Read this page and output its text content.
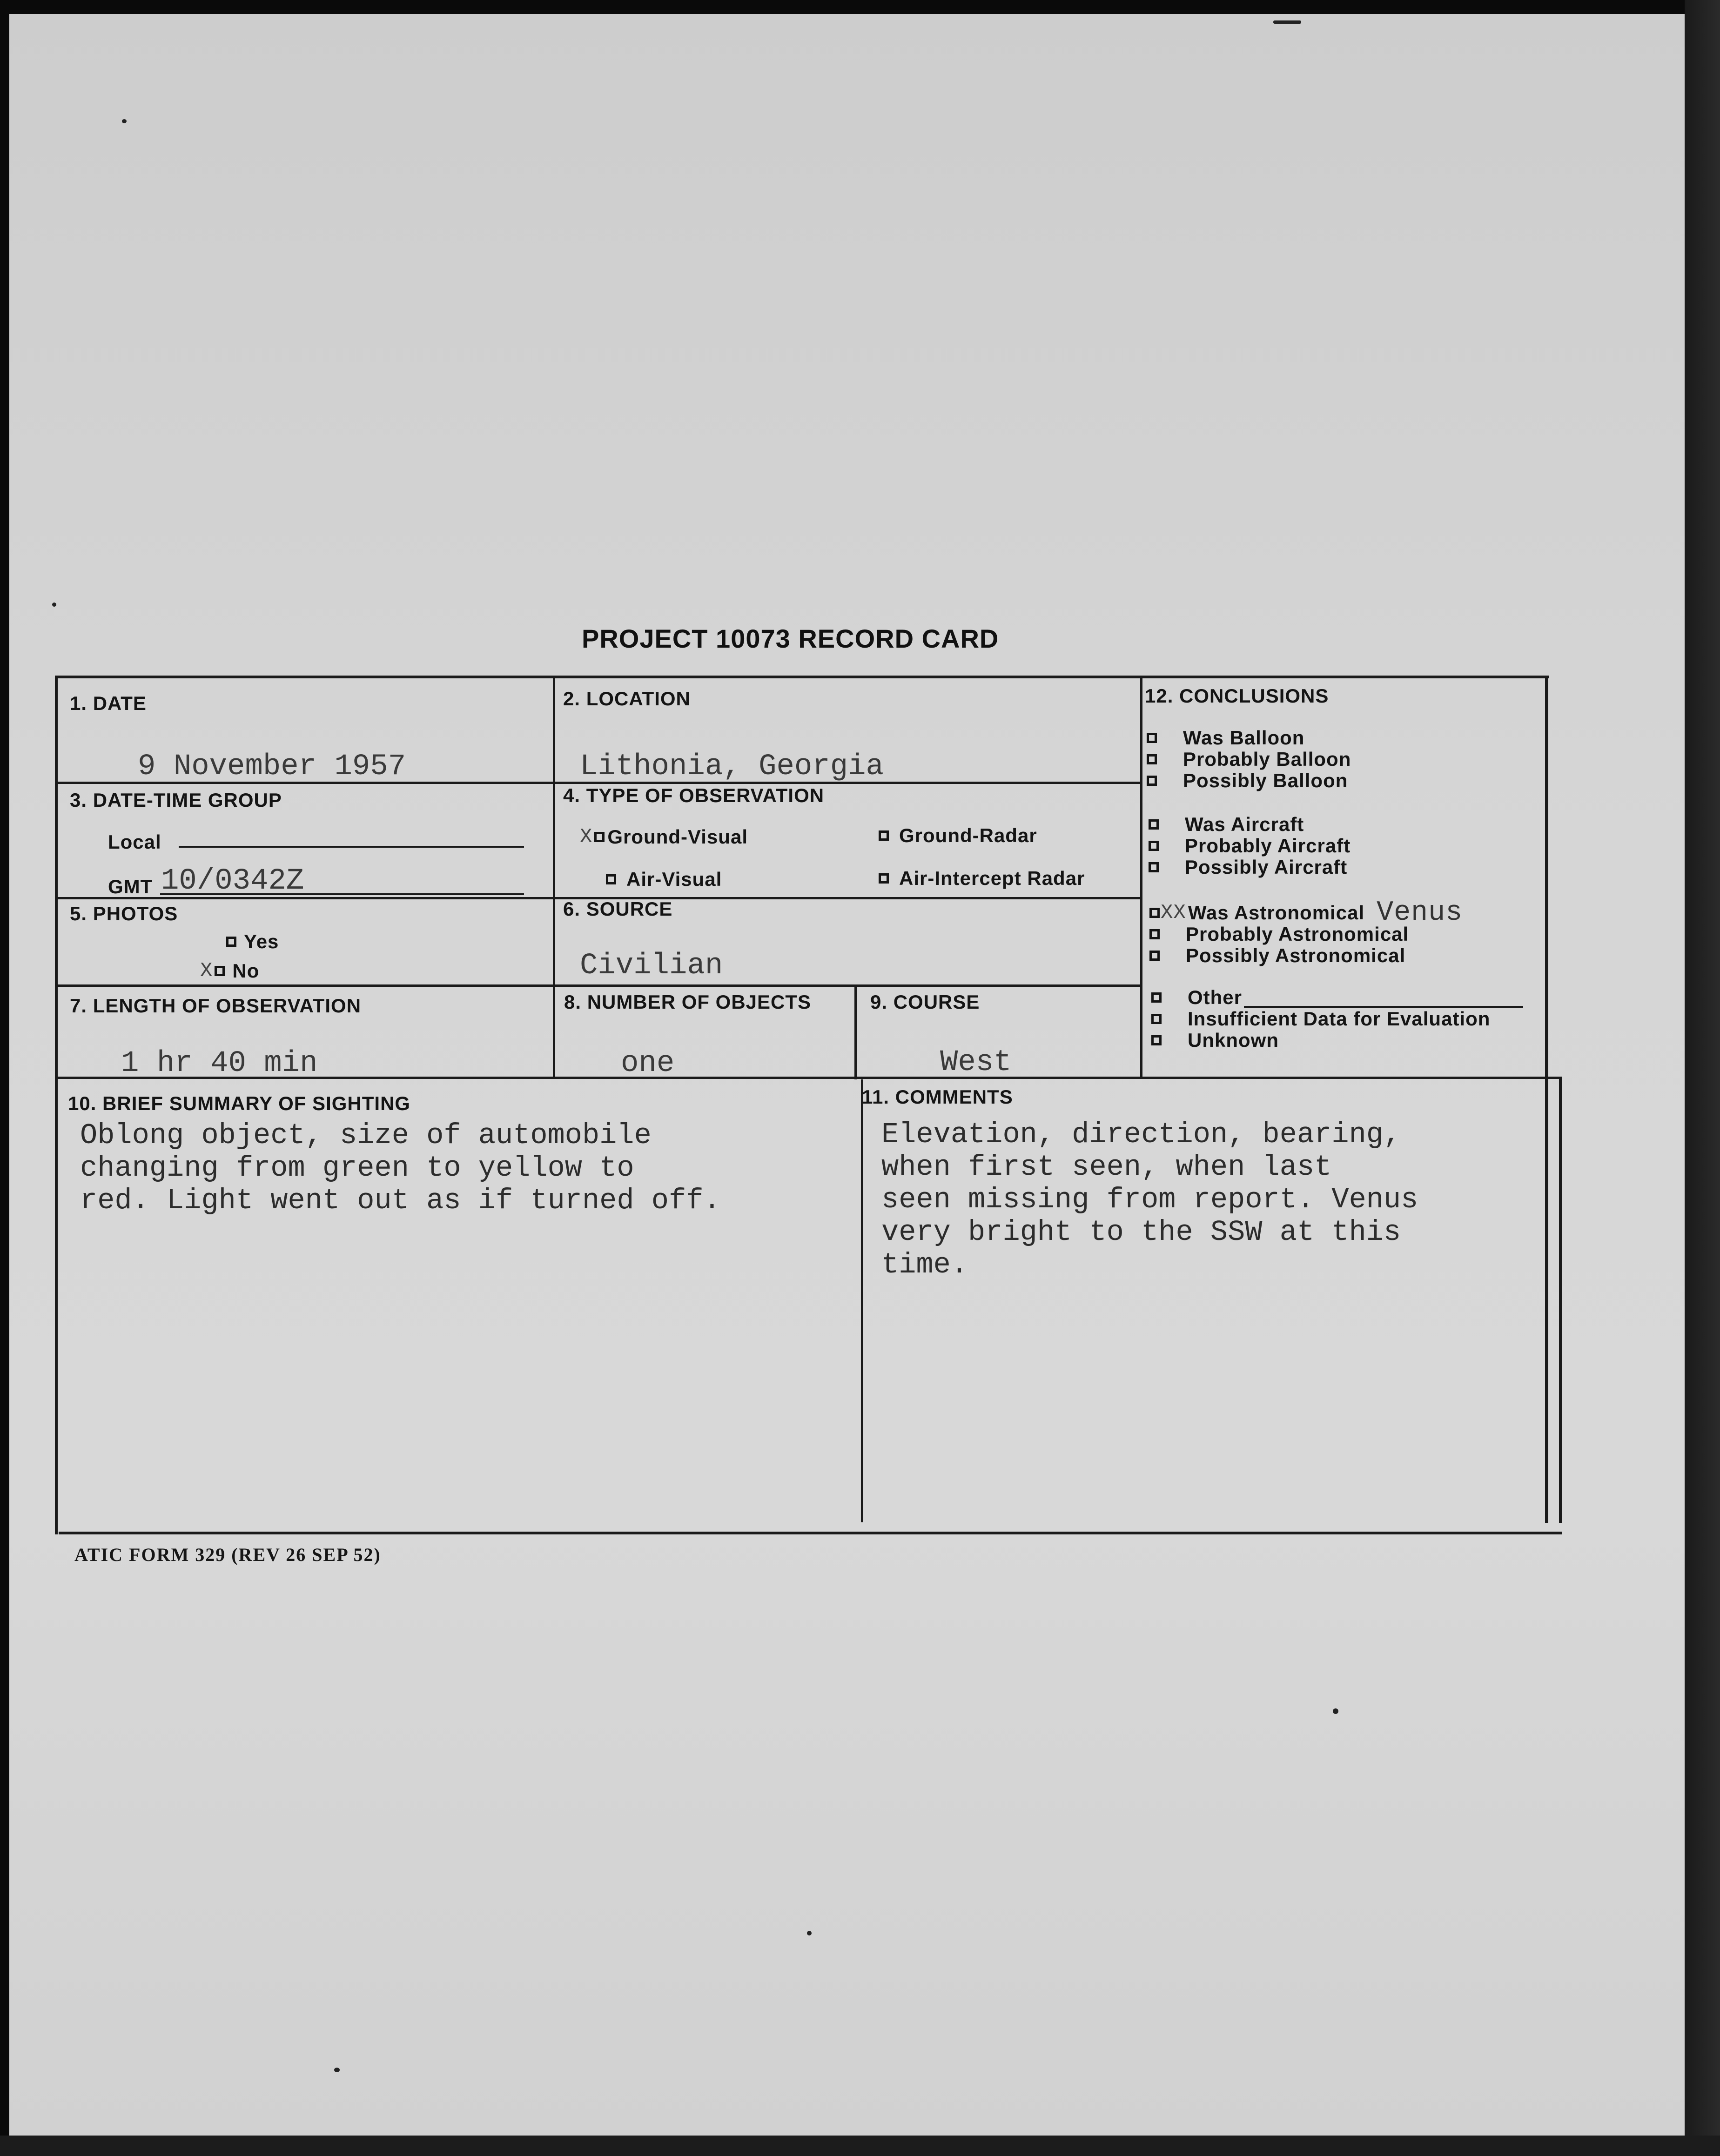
PROJECT 10073 RECORD CARD
1. DATE
9 November 1957
2. LOCATION
Lithonia, Georgia
3. DATE-TIME GROUP
Local
GMT 10/0342Z
4. TYPE OF OBSERVATION
X Ground-Visual	Ground-Radar
Air-Visual	Air-Intercept Radar
5. PHOTOS
Yes
X No
6. SOURCE
Civilian
7. LENGTH OF OBSERVATION
1 hr 40 min
8. NUMBER OF OBJECTS
one
9. COURSE
West
10. BRIEF SUMMARY OF SIGHTING
Oblong object, size of automobile
changing from green to yellow to
red. Light went out as if turned off.
11. COMMENTS
Elevation, direction, bearing,
when first seen, when last
seen missing from report. Venus
very bright to the SSW at this
time.
12. CONCLUSIONS
Was Balloon
Probably Balloon
Possibly Balloon
Was Aircraft
Probably Aircraft
Possibly Aircraft
XX Was Astronomical Venus
Probably Astronomical
Possibly Astronomical
Other
Insufficient Data for Evaluation
Unknown
ATIC FORM 329 (REV 26 SEP 52)
